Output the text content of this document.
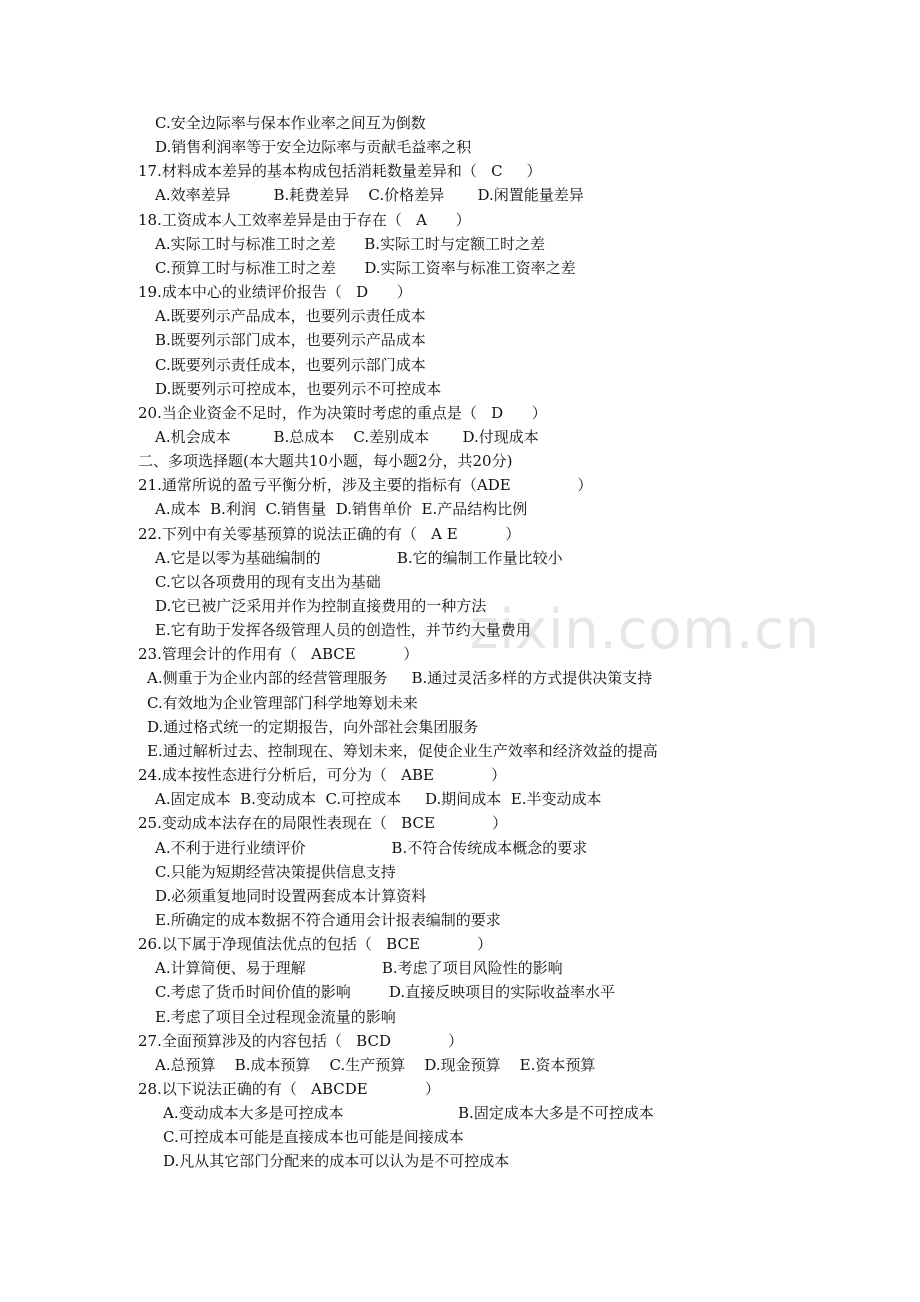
zixin.com.cn
C.安全边际率与保本作业率之间互为倒数
D.销售利润率等于安全边际率与贡献毛益率之积
17.材料成本差异的基本构成包括消耗数量差异和（   C     ）
A.效率差异         B.耗费差异    C.价格差异       D.闲置能量差异
18.工资成本人工效率差异是由于存在（   A      ）
A.实际工时与标准工时之差      B.实际工时与定额工时之差
C.预算工时与标准工时之差      D.实际工资率与标准工资率之差
19.成本中心的业绩评价报告（   D      ）
A.既要列示产品成本，也要列示责任成本
B.既要列示部门成本，也要列示产品成本
C.既要列示责任成本，也要列示部门成本
D.既要列示可控成本，也要列示不可控成本
20.当企业资金不足时，作为决策时考虑的重点是（   D      ）
A.机会成本         B.总成本    C.差别成本       D.付现成本
二、多项选择题(本大题共10小题，每小题2分，共20分)
21.通常所说的盈亏平衡分析，涉及主要的指标有（ADE              ）
A.成本  B.利润  C.销售量  D.销售单价  E.产品结构比例
22.下列中有关零基预算的说法正确的有（   A E          ）
A.它是以零为基础编制的                B.它的编制工作量比较小
C.它以各项费用的现有支出为基础
D.它已被广泛采用并作为控制直接费用的一种方法
E.它有助于发挥各级管理人员的创造性，并节约大量费用
23.管理会计的作用有（   ABCE          ）
A.侧重于为企业内部的经营管理服务     B.通过灵活多样的方式提供决策支持
C.有效地为企业管理部门科学地筹划未来
D.通过格式统一的定期报告，向外部社会集团服务
E.通过解析过去、控制现在、筹划未来，促使企业生产效率和经济效益的提高
24.成本按性态进行分析后，可分为（   ABE            ）
A.固定成本  B.变动成本  C.可控成本     D.期间成本  E.半变动成本
25.变动成本法存在的局限性表现在（   BCE            ）
A.不利于进行业绩评价                  B.不符合传统成本概念的要求
C.只能为短期经营决策提供信息支持
D.必须重复地同时设置两套成本计算资料
E.所确定的成本数据不符合通用会计报表编制的要求
26.以下属于净现值法优点的包括（   BCE            ）
A.计算简便、易于理解                B.考虑了项目风险性的影响
C.考虑了货币时间价值的影响        D.直接反映项目的实际收益率水平
E.考虑了项目全过程现金流量的影响
27.全面预算涉及的内容包括（   BCD            ）
A.总预算    B.成本预算    C.生产预算    D.现金预算    E.资本预算
28.以下说法正确的有（   ABCDE            ）
A.变动成本大多是可控成本                        B.固定成本大多是不可控成本
C.可控成本可能是直接成本也可能是间接成本
D.凡从其它部门分配来的成本可以认为是不可控成本
